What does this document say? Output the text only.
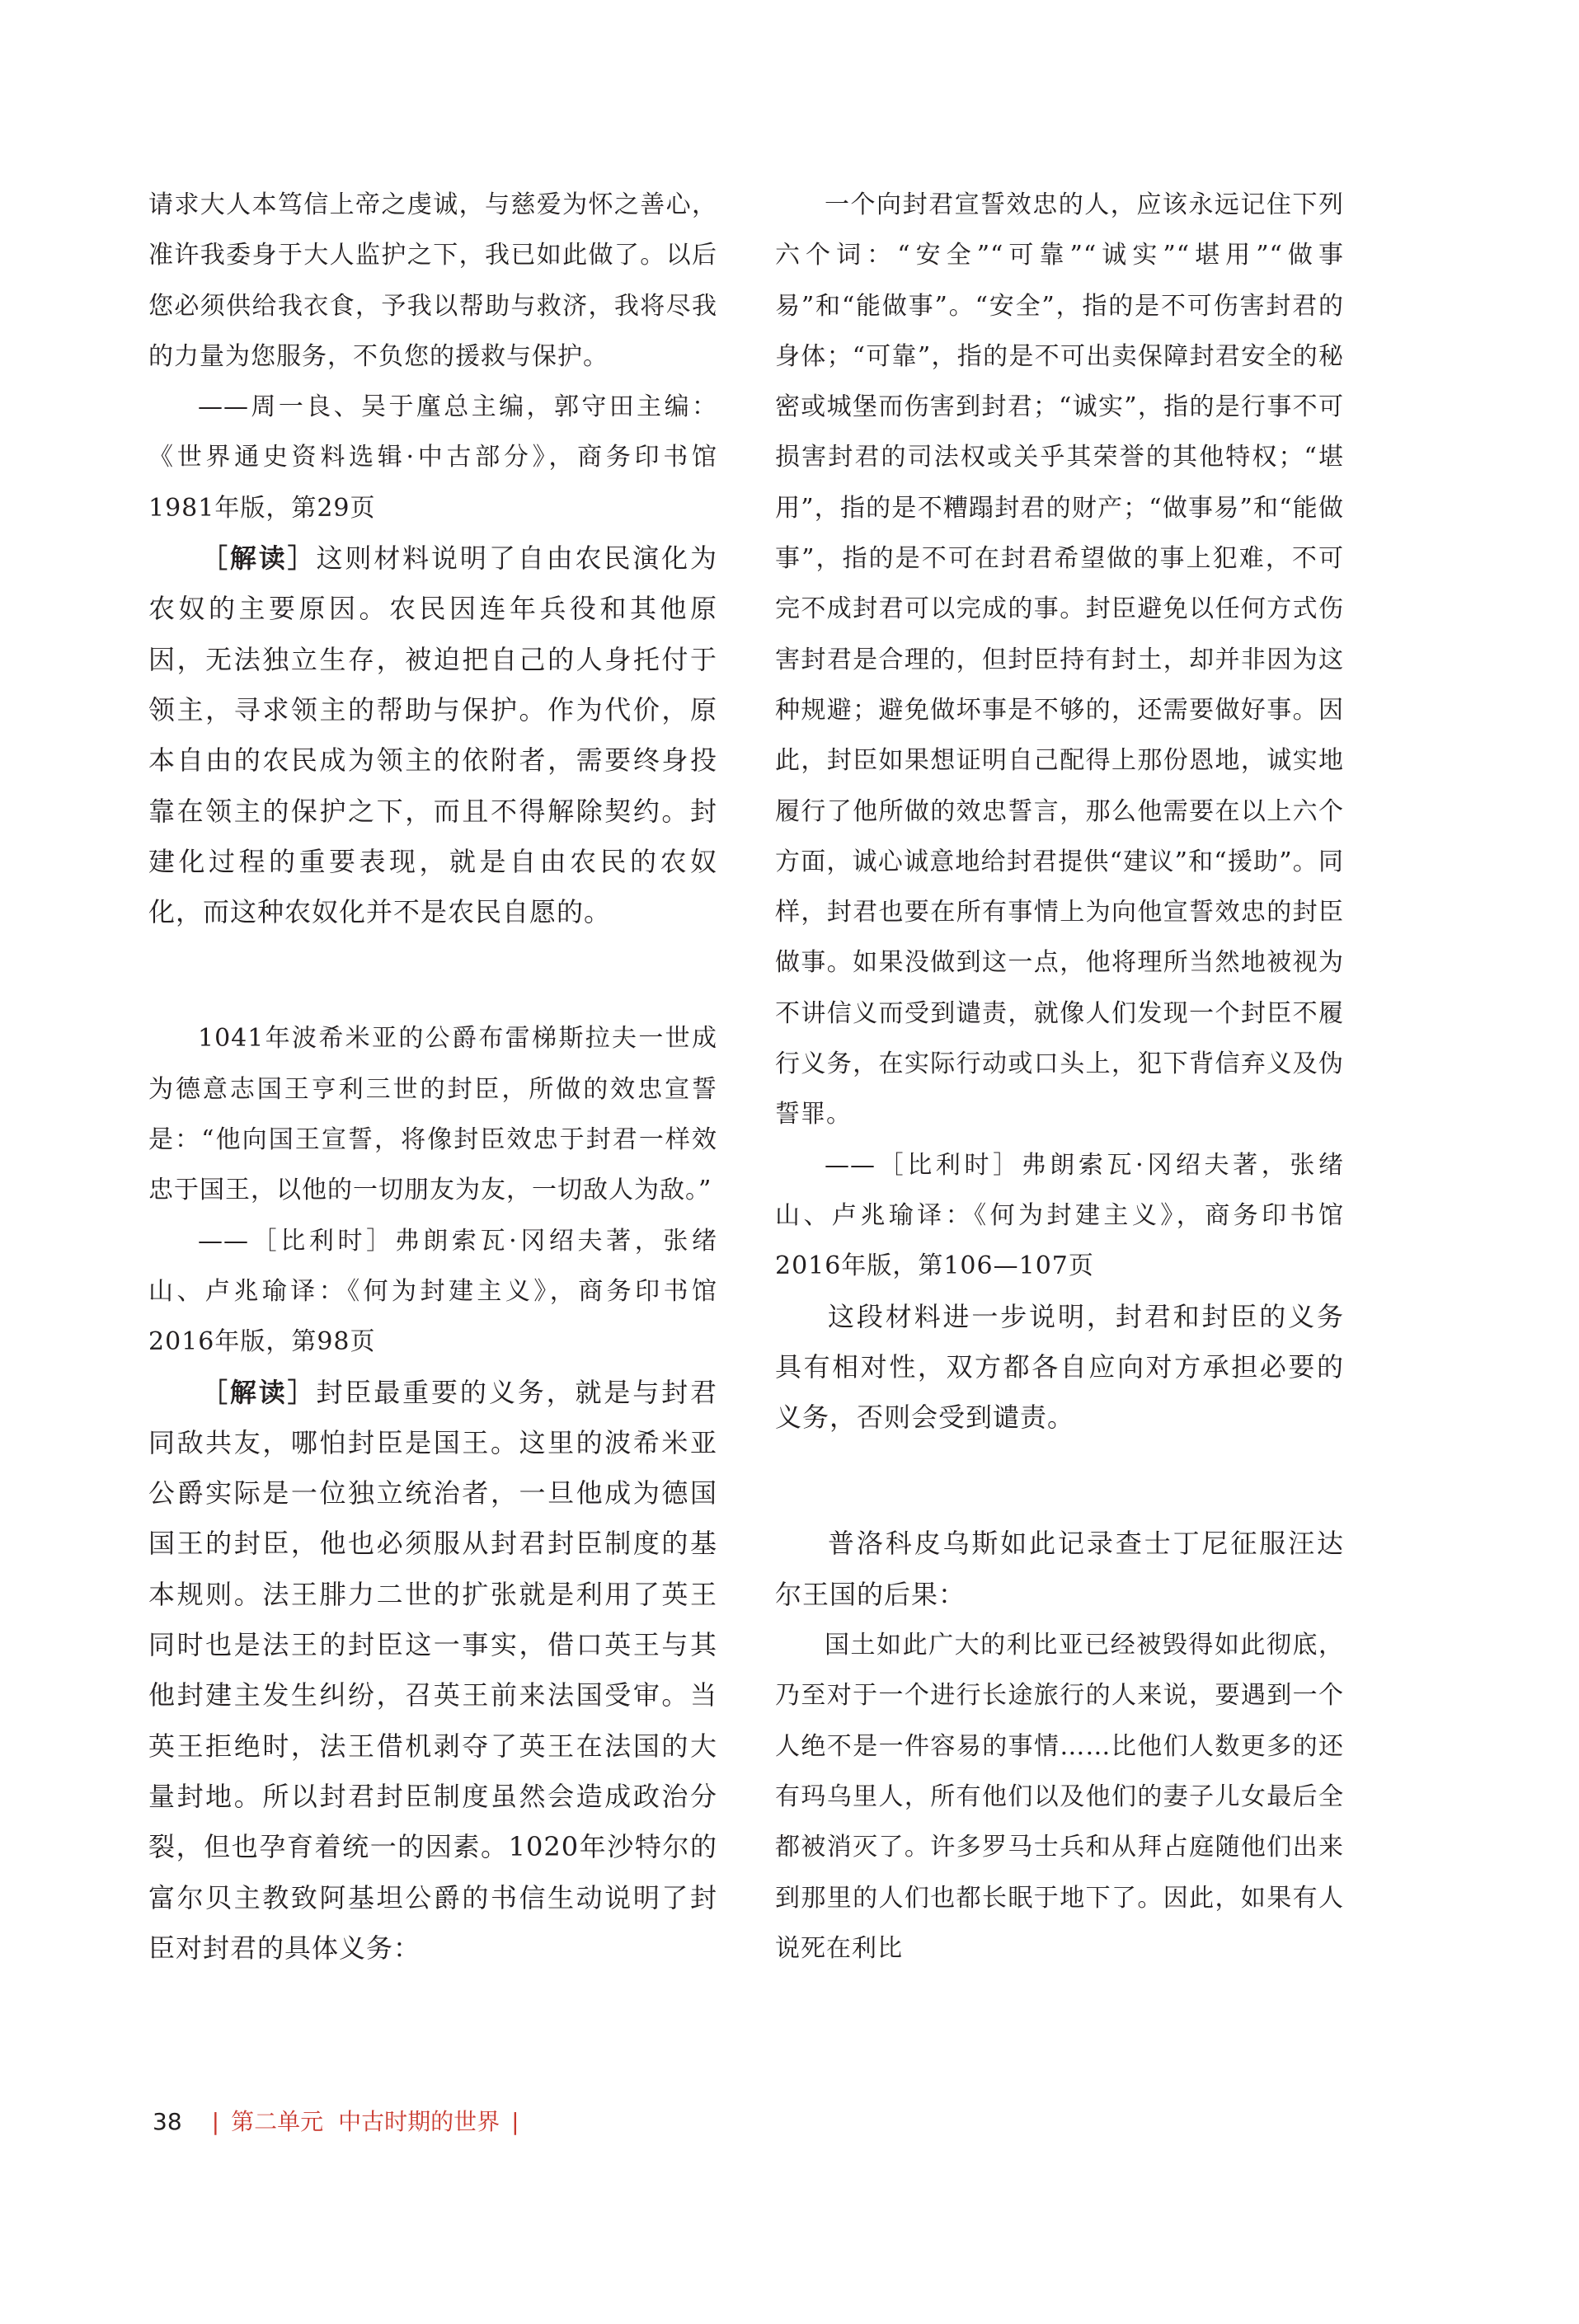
请求大人本笃信上帝之虔诚，与慈爱为怀之善心，准许我委身于大人监护之下，我已如此做了。以后您必须供给我衣食，予我以帮助与救济，我将尽我的力量为您服务，不负您的援救与保护。

——周一良、吴于廑总主编，郭守田主编：《世界通史资料选辑·中古部分》，商务印书馆1981年版，第29页

［解读］这则材料说明了自由农民演化为农奴的主要原因。农民因连年兵役和其他原因，无法独立生存，被迫把自己的人身托付于领主，寻求领主的帮助与保护。作为代价，原本自由的农民成为领主的依附者，需要终身投靠在领主的保护之下，而且不得解除契约。封建化过程的重要表现，就是自由农民的农奴化，而这种农奴化并不是农民自愿的。

1041年波希米亚的公爵布雷梯斯拉夫一世成为德意志国王亨利三世的封臣，所做的效忠宣誓是：“他向国王宣誓，将像封臣效忠于封君一样效忠于国王，以他的一切朋友为友，一切敌人为敌。”

——［比利时］弗朗索瓦·冈绍夫著，张绪山、卢兆瑜译：《何为封建主义》，商务印书馆2016年版，第98页

［解读］封臣最重要的义务，就是与封君同敌共友，哪怕封臣是国王。这里的波希米亚公爵实际是一位独立统治者，一旦他成为德国国王的封臣，他也必须服从封君封臣制度的基本规则。法王腓力二世的扩张就是利用了英王同时也是法王的封臣这一事实，借口英王与其他封建主发生纠纷，召英王前来法国受审。当英王拒绝时，法王借机剥夺了英王在法国的大量封地。所以封君封臣制度虽然会造成政治分裂，但也孕育着统一的因素。1020年沙特尔的富尔贝主教致阿基坦公爵的书信生动说明了封臣对封君的具体义务：

一个向封君宣誓效忠的人，应该永远记住下列六个词：“安全”“可靠”“诚实”“堪用”“做事易”和“能做事”。“安全”，指的是不可伤害封君的身体；“可靠”，指的是不可出卖保障封君安全的秘密或城堡而伤害到封君；“诚实”，指的是行事不可损害封君的司法权或关乎其荣誉的其他特权；“堪用”，指的是不糟蹋封君的财产；“做事易”和“能做事”，指的是不可在封君希望做的事上犯难，不可完不成封君可以完成的事。封臣避免以任何方式伤害封君是合理的，但封臣持有封土，却并非因为这种规避；避免做坏事是不够的，还需要做好事。因此，封臣如果想证明自己配得上那份恩地，诚实地履行了他所做的效忠誓言，那么他需要在以上六个方面，诚心诚意地给封君提供“建议”和“援助”。同样，封君也要在所有事情上为向他宣誓效忠的封臣做事。如果没做到这一点，他将理所当然地被视为不讲信义而受到谴责，就像人们发现一个封臣不履行义务，在实际行动或口头上，犯下背信弃义及伪誓罪。

——［比利时］弗朗索瓦·冈绍夫著，张绪山、卢兆瑜译：《何为封建主义》，商务印书馆2016年版，第106—107页

这段材料进一步说明，封君和封臣的义务具有相对性，双方都各自应向对方承担必要的义务，否则会受到谴责。

普洛科皮乌斯如此记录查士丁尼征服汪达尔王国的后果：

国土如此广大的利比亚已经被毁得如此彻底，乃至对于一个进行长途旅行的人来说，要遇到一个人绝不是一件容易的事情……比他们人数更多的还有玛乌里人，所有他们以及他们的妻子儿女最后全都被消灭了。许多罗马士兵和从拜占庭随他们出来到那里的人们也都长眠于地下了。因此，如果有人说死在利比

38 | 第二单元 中古时期的世界 |
